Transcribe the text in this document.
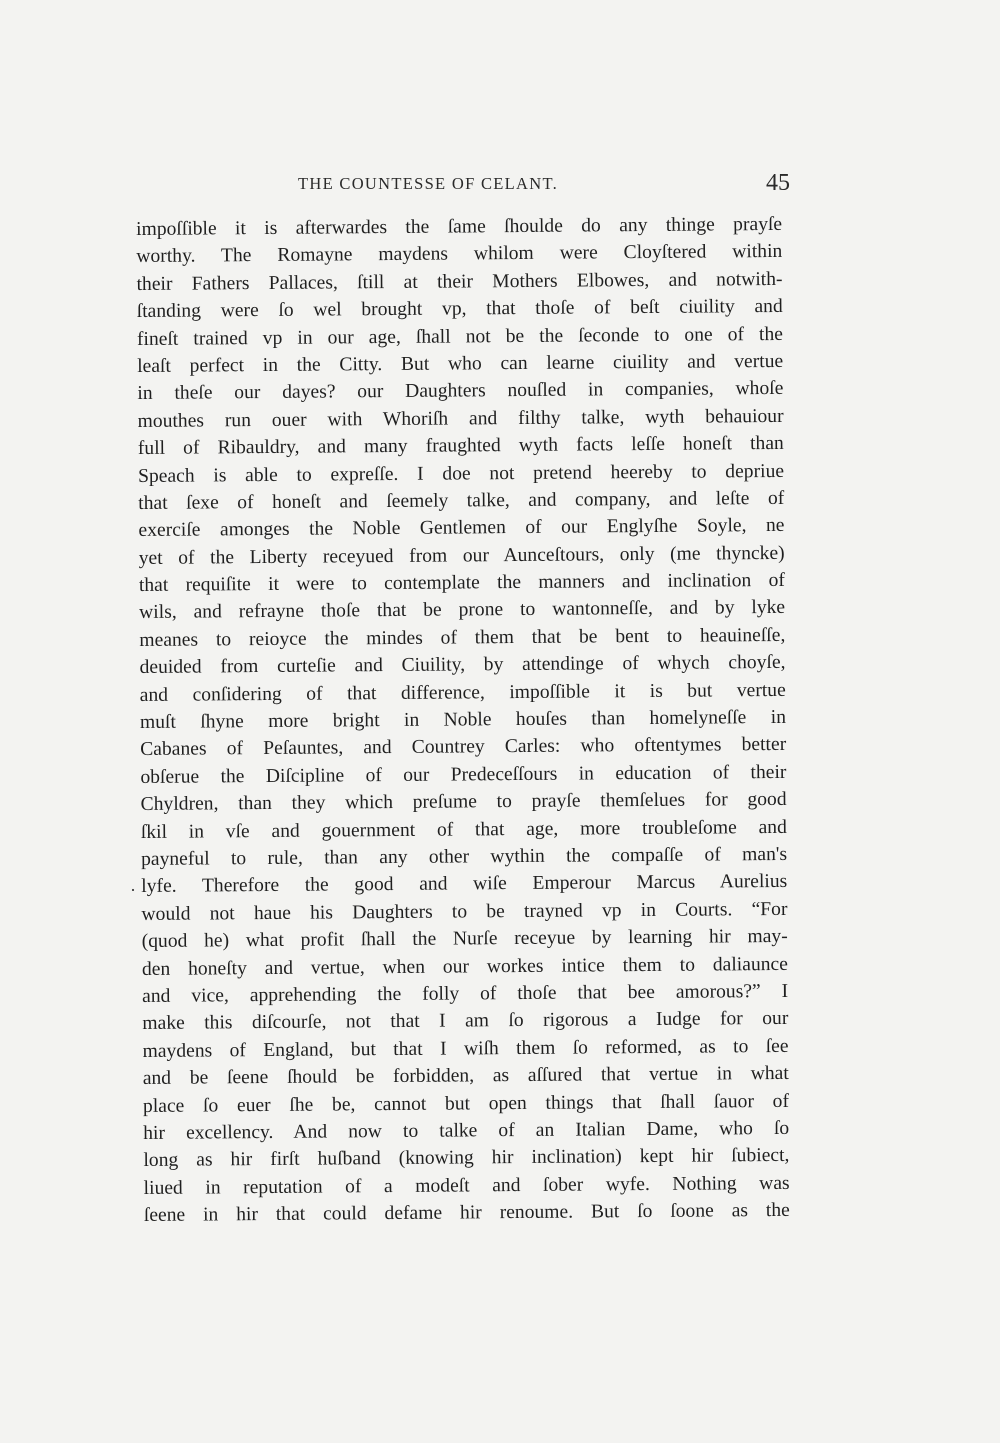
THE COUNTESSE OF CELANT.	45
·
impoſſible it is afterwardes the ſame ſhoulde do any thinge prayſe
worthy. The Romayne maydens whilom were Cloyſtered within
their Fathers Pallaces, ſtill at their Mothers Elbowes, and notwith-
ſtanding were ſo wel brought vp, that thoſe of beſt ciuility and
fineſt trained vp in our age, ſhall not be the ſeconde to one of the
leaſt perfect in the Citty. But who can learne ciuility and vertue
in theſe our dayes? our Daughters nouſled in companies, whoſe
mouthes run ouer with Whoriſh and filthy talke, wyth behauiour
full of Ribauldry, and many fraughted wyth facts leſſe honeſt than
Speach is able to expreſſe. I doe not pretend heereby to depriue
that ſexe of honeſt and ſeemely talke, and company, and leſte of
exerciſe amonges the Noble Gentlemen of our Englyſhe Soyle, ne
yet of the Liberty receyued from our Aunceſtours, only (me thyncke)
that requiſite it were to contemplate the manners and inclination of
wils, and refrayne thoſe that be prone to wantonneſſe, and by lyke
meanes to reioyce the mindes of them that be bent to heauineſſe,
deuided from curteſie and Ciuility, by attendinge of whych choyſe,
and conſidering of that difference, impoſſible it is but vertue
muſt ſhyne more bright in Noble houſes than homelyneſſe in
Cabanes of Peſauntes, and Countrey Carles: who oftentymes better
obſerue the Diſcipline of our Predeceſſours in education of their
Chyldren, than they which preſume to prayſe themſelues for good
ſkil in vſe and gouernment of that age, more troubleſome and
payneful to rule, than any other wythin the compaſſe of man's
lyfe. Therefore the good and wiſe Emperour Marcus Aurelius
would not haue his Daughters to be trayned vp in Courts. “For
(quod he) what profit ſhall the Nurſe receyue by learning hir may-
den honeſty and vertue, when our workes intice them to daliaunce
and vice, apprehending the folly of thoſe that bee amorous?” I
make this diſcourſe, not that I am ſo rigorous a Iudge for our
maydens of England, but that I wiſh them ſo reformed, as to ſee
and be ſeene ſhould be forbidden, as aſſured that vertue in what
place ſo euer ſhe be, cannot but open things that ſhall ſauor of
hir excellency. And now to talke of an Italian Dame, who ſo
long as hir firſt huſband (knowing hir inclination) kept hir ſubiect,
liued in reputation of a modeſt and ſober wyfe. Nothing was
ſeene in hir that could defame hir renoume. But ſo ſoone as the
